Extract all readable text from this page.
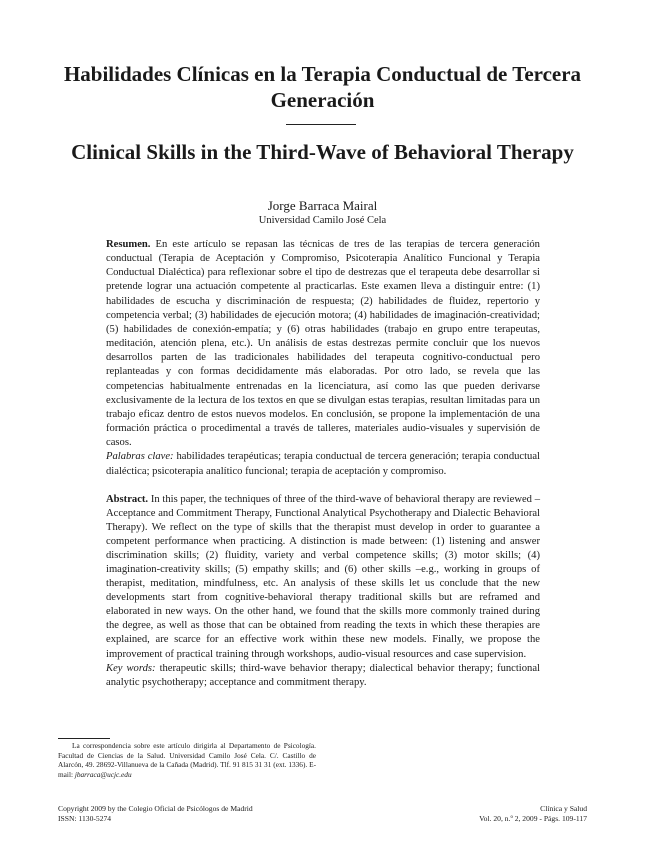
Habilidades Clínicas en la Terapia Conductual de Tercera Generación
Clinical Skills in the Third-Wave of Behavioral Therapy
Jorge Barraca Mairal
Universidad Camilo José Cela

Resumen. En este artículo se repasan las técnicas de tres de las terapias de tercera generación conductual (Terapia de Aceptación y Compromiso, Psicoterapia Analítico Funcional y Terapia Conductual Dialéctica) para reflexionar sobre el tipo de destrezas que el terapeuta debe desarrollar si pretende lograr una actuación competente al practicarlas. Este examen lleva a distinguir entre: (1) habilidades de escucha y discriminación de respuesta; (2) habilidades de fluidez, repertorio y competencia verbal; (3) habilidades de ejecución motora; (4) habilidades de imaginación-creatividad; (5) habilidades de conexión-empatía; y (6) otras habilidades (trabajo en grupo entre terapeutas, meditación, atención plena, etc.). Un análisis de estas destrezas permite concluir que los nuevos desarrollos parten de las tradicionales habilidades del terapeuta cognitivo-conductual pero replanteadas y con formas decididamente más elaboradas. Por otro lado, se revela que las competencias habitualmente entrenadas en la licenciatura, así como las que pueden derivarse exclusivamente de la lectura de los textos en que se divulgan estas terapias, resultan limitadas para un trabajo eficaz dentro de estos nuevos modelos. En conclusión, se propone la implementación de una formación práctica o procedimental a través de talleres, materiales audio-visuales y supervisión de casos.
Palabras clave: habilidades terapéuticas; terapia conductual de tercera generación; terapia conductual dialéctica; psicoterapia analítico funcional; terapia de aceptación y compromiso.

Abstract. In this paper, the techniques of three of the third-wave of behavioral therapy are reviewed –Acceptance and Commitment Therapy, Functional Analytical Psychotherapy and Dialectic Behavioral Therapy). We reflect on the type of skills that the therapist must develop in order to guarantee a competent performance when practicing. A distinction is made between: (1) listening and answer discrimination skills; (2) fluidity, variety and verbal competence skills; (3) motor skills; (4) imagination-creativity skills; (5) empathy skills; and (6) other skills –e.g., working in groups of therapist, meditation, mindfulness, etc. An analysis of these skills let us conclude that the new developments start from cognitive-behavioral therapy traditional skills but are reframed and elaborated in new ways. On the other hand, we found that the skills more commonly trained during the degree, as well as those that can be obtained from reading the texts in which these therapies are explained, are scarce for an effective work within these new models. Finally, we propose the improvement of practical training through workshops, audio-visual resources and case supervision.
Key words: therapeutic skills; third-wave behavior therapy; dialectical behavior therapy; functional analytic psychotherapy; acceptance and commitment therapy.

La correspondencia sobre este artículo dirigirla al Departamento de Psicología. Facultad de Ciencias de la Salud. Universidad Camilo José Cela. C/. Castillo de Alarcón, 49. 28692-Villanueva de la Cañada (Madrid). Tlf. 91 815 31 31 (ext. 1336). E-mail: jbarraca@ucjc.edu

Copyright 2009 by the Colegio Oficial de Psicólogos de Madrid
ISSN: 1130-5274
Clínica y Salud
Vol. 20, n.º 2, 2009 - Págs. 109-117
